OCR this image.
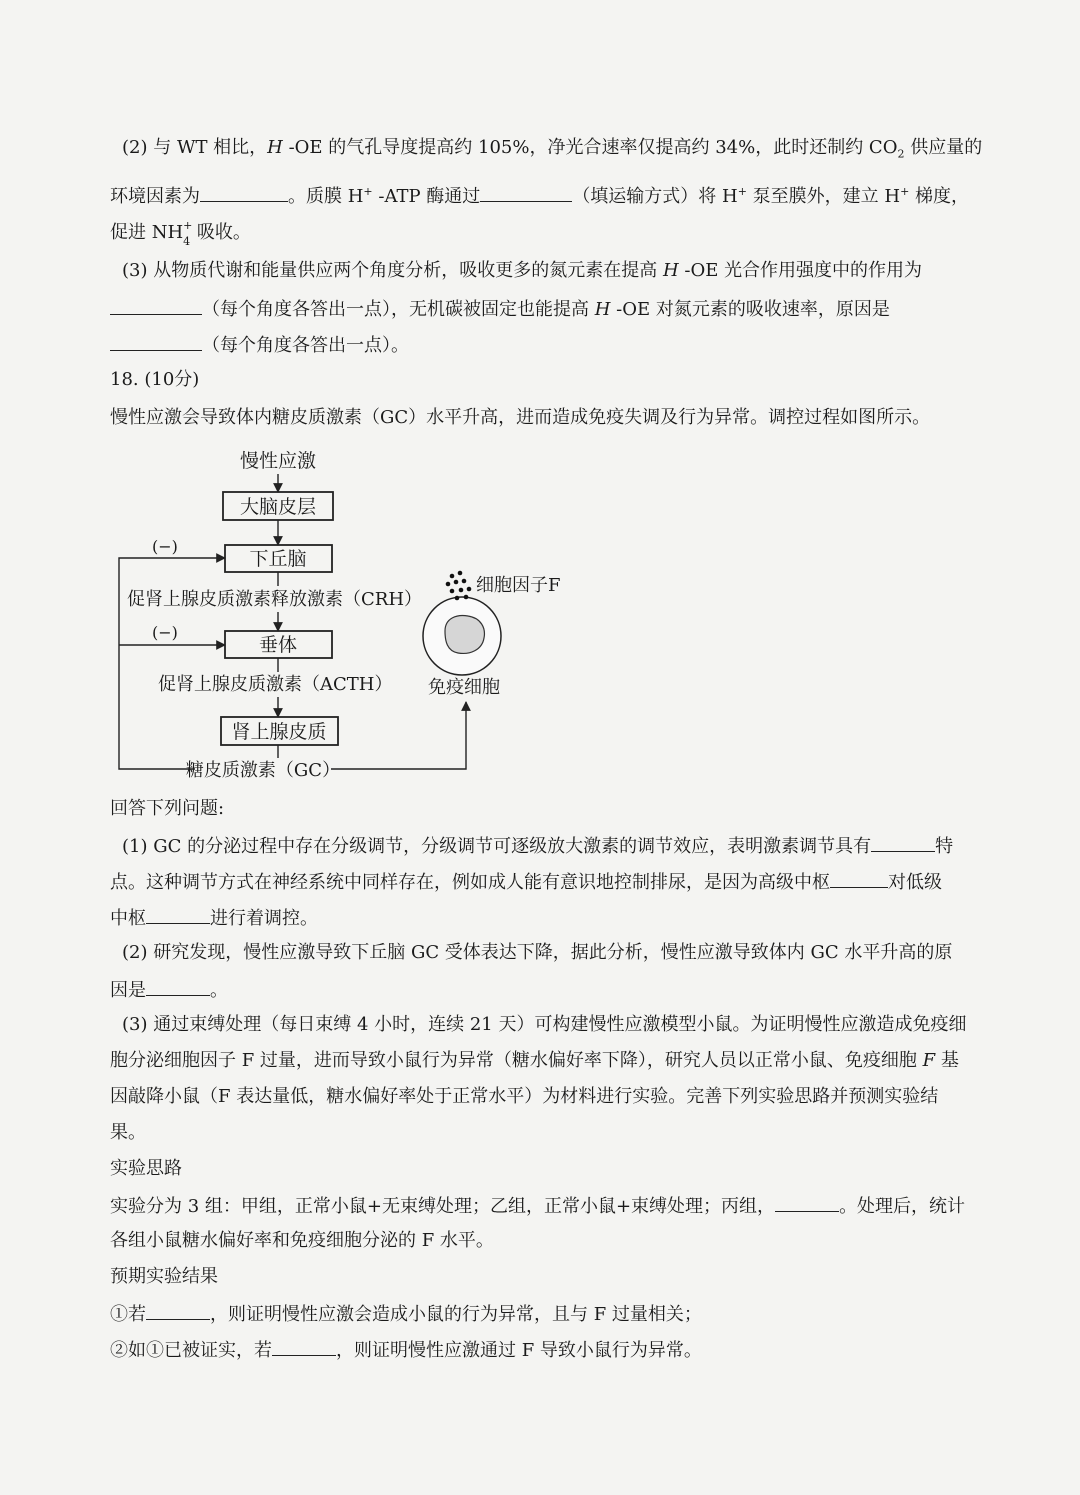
(2) 与 WT 相比，H -OE 的气孔导度提高约 105%，净光合速率仅提高约 34%，此时还制约 $CO_2$ 供应量的
环境因素为	。质膜 H+ -ATP 酶通过	（填运输方式）将 H+ 泵至膜外，建立 H+ 梯度，
促进 NH +
4 吸收。
(3) 从物质代谢和能量供应两个角度分析，吸收更多的氮元素在提高 H -OE 光合作用强度中的作用为
（每个角度各答出一点），无机碳被固定也能提高 H -OE 对氮元素的吸收速率，原因是
（每个角度各答出一点）。
18. (10分)
慢性应激会导致体内糖皮质激素（GC）水平升高，进而造成免疫失调及行为异常。调控过程如图所示。
慢性应激
大脑皮层
下丘脑
促肾上腺皮质激素释放激素（CRH）
垂体
促肾上腺皮质激素（ACTH）
肾上腺皮质
糖皮质激素（GC）
(−)
(−)
免疫细胞
细胞因子F
回答下列问题:
(1) GC 的分泌过程中存在分级调节，分级调节可逐级放大激素的调节效应，表明激素调节具有	特
点。这种调节方式在神经系统中同样存在，例如成人能有意识地控制排尿，是因为高级中枢	对低级
中枢	进行着调控。
(2) 研究发现，慢性应激导致下丘脑 GC 受体表达下降，据此分析，慢性应激导致体内 GC 水平升高的原
因是	。
(3) 通过束缚处理（每日束缚 4 小时，连续 21 天）可构建慢性应激模型小鼠。为证明慢性应激造成免疫细
胞分泌细胞因子 F 过量，进而导致小鼠行为异常（糖水偏好率下降），研究人员以正常小鼠、免疫细胞 F 基
因敲降小鼠（F 表达量低，糖水偏好率处于正常水平）为材料进行实验。完善下列实验思路并预测实验结
果。
实验思路
实验分为 3 组：甲组，正常小鼠+无束缚处理；乙组，正常小鼠+束缚处理；丙组，	。处理后，统计
各组小鼠糖水偏好率和免疫细胞分泌的 F 水平。
预期实验结果
①若	，则证明慢性应激会造成小鼠的行为异常，且与 F 过量相关；
②如①已被证实，若	，则证明慢性应激通过 F 导致小鼠行为异常。
